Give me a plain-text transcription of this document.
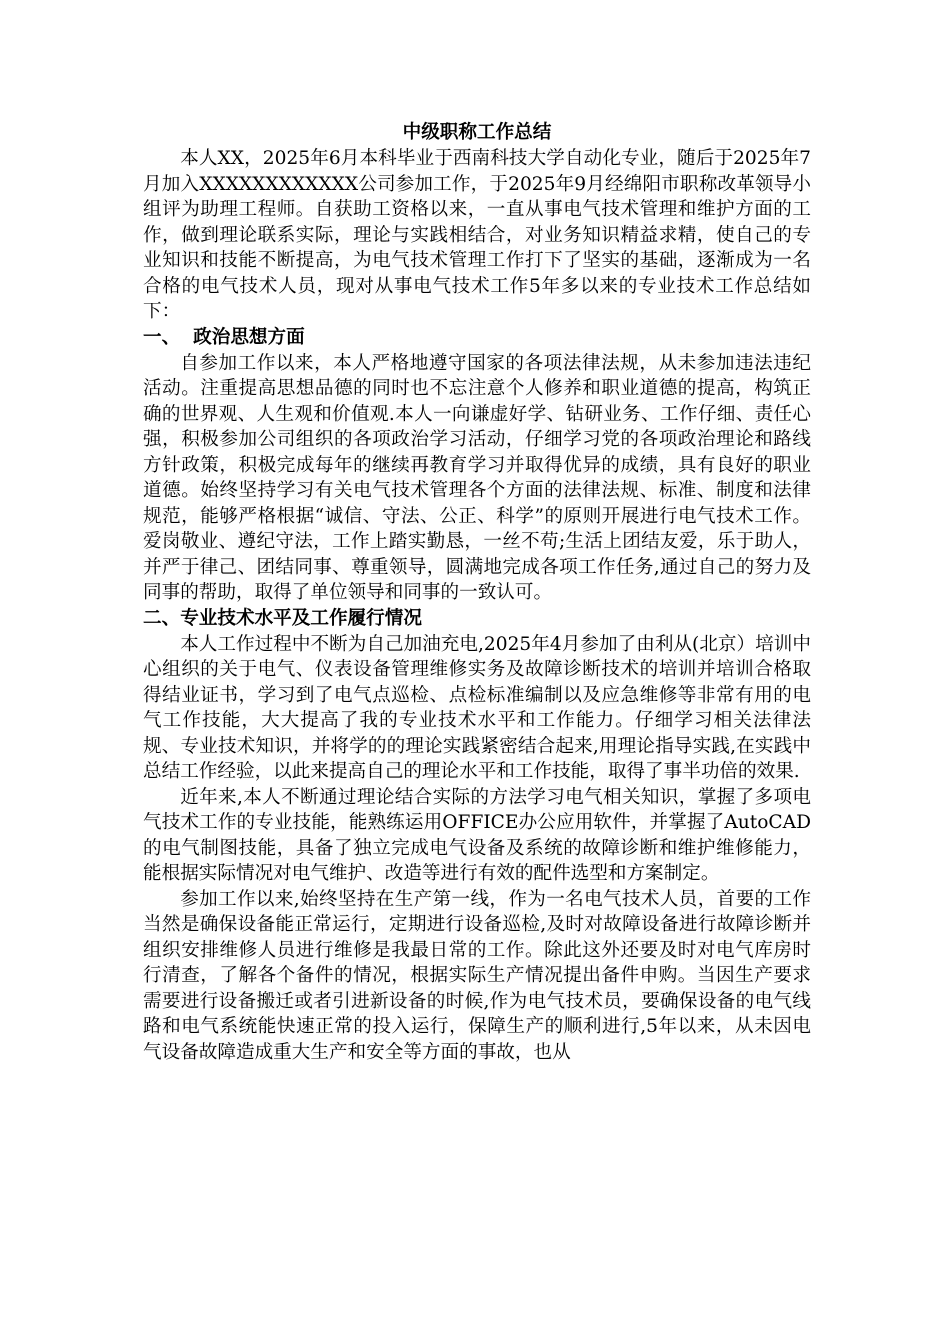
中级职称工作总结

本人XX，2025年6月本科毕业于西南科技大学自动化专业，随后于2025年7月加入XXXXXXXXXXXX公司参加工作，于2025年9月经绵阳市职称改革领导小组评为助理工程师。自获助工资格以来，一直从事电气技术管理和维护方面的工作，做到理论联系实际，理论与实践相结合，对业务知识精益求精，使自己的专业知识和技能不断提高，为电气技术管理工作打下了坚实的基础，逐渐成为一名合格的电气技术人员，现对从事电气技术工作5年多以来的专业技术工作总结如下：

一、  政治思想方面

自参加工作以来，本人严格地遵守国家的各项法律法规，从未参加违法违纪活动。注重提高思想品德的同时也不忘注意个人修养和职业道德的提高，构筑正确的世界观、人生观和价值观.本人一向谦虚好学、钻研业务、工作仔细、责任心强，积极参加公司组织的各项政治学习活动，仔细学习党的各项政治理论和路线方针政策，积极完成每年的继续再教育学习并取得优异的成绩，具有良好的职业道德。始终坚持学习有关电气技术管理各个方面的法律法规、标准、制度和法律规范，能够严格根据“诚信、守法、公正、科学”的原则开展进行电气技术工作。爱岗敬业、遵纪守法，工作上踏实勤恳，一丝不苟;生活上团结友爱，乐于助人，并严于律己、团结同事、尊重领导，圆满地完成各项工作任务,通过自己的努力及同事的帮助，取得了单位领导和同事的一致认可。

二、专业技术水平及工作履行情况

本人工作过程中不断为自己加油充电,2025年4月参加了由利从(北京）培训中心组织的关于电气、仪表设备管理维修实务及故障诊断技术的培训并培训合格取得结业证书，学习到了电气点巡检、点检标准编制以及应急维修等非常有用的电气工作技能，大大提高了我的专业技术水平和工作能力。仔细学习相关法律法规、专业技术知识，并将学的的理论实践紧密结合起来,用理论指导实践,在实践中总结工作经验，以此来提高自己的理论水平和工作技能，取得了事半功倍的效果.

近年来,本人不断通过理论结合实际的方法学习电气相关知识，掌握了多项电气技术工作的专业技能，能熟练运用OFFICE办公应用软件，并掌握了AutoCAD的电气制图技能，具备了独立完成电气设备及系统的故障诊断和维护维修能力，能根据实际情况对电气维护、改造等进行有效的配件选型和方案制定。

参加工作以来,始终坚持在生产第一线，作为一名电气技术人员，首要的工作当然是确保设备能正常运行，定期进行设备巡检,及时对故障设备进行故障诊断并组织安排维修人员进行维修是我最日常的工作。除此这外还要及时对电气库房时行清查，了解各个备件的情况，根据实际生产情况提出备件申购。当因生产要求需要进行设备搬迁或者引进新设备的时候,作为电气技术员，要确保设备的电气线路和电气系统能快速正常的投入运行，保障生产的顺利进行,5年以来，从未因电气设备故障造成重大生产和安全等方面的事故，也从
